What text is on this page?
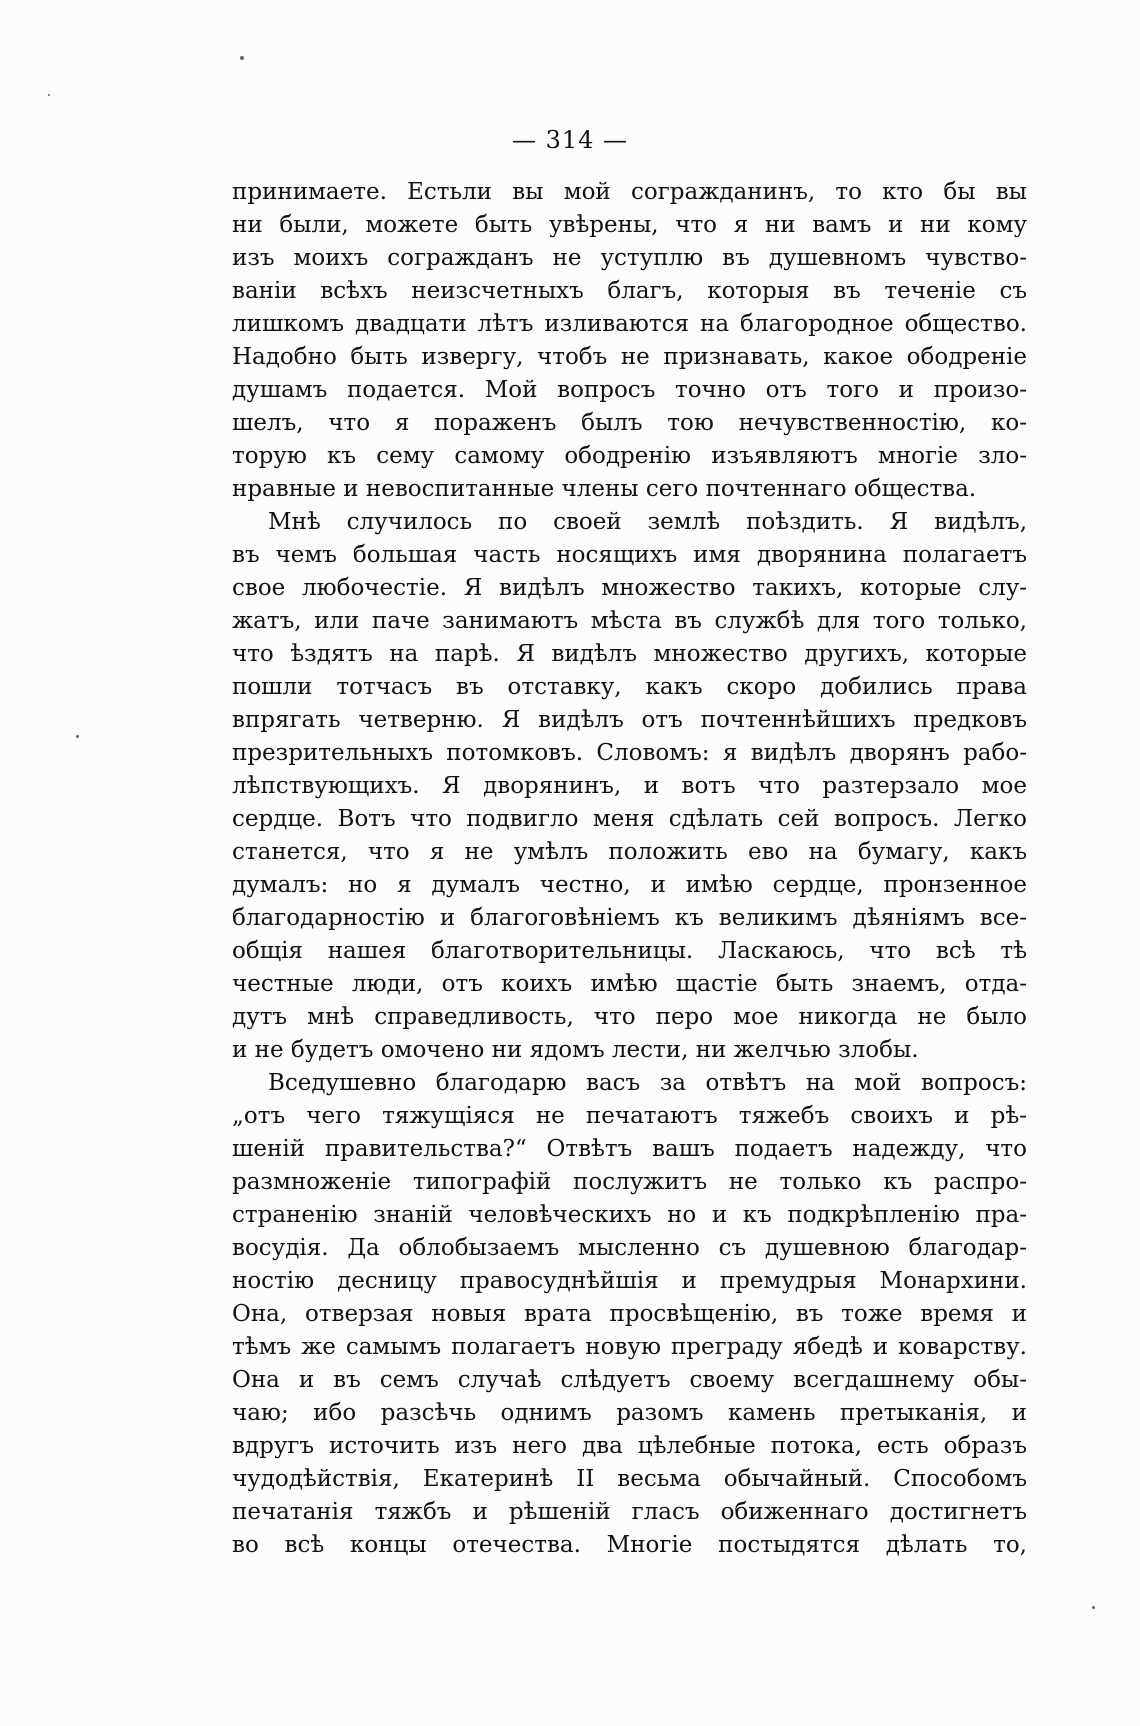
— 314 —
принимаете. Естьли вы мой согражданинъ, то кто бы вы
ни были, можете быть увѣрены, что я ни вамъ и ни кому
изъ моихъ согражданъ не уступлю въ душевномъ чувство-
ваніи всѣхъ неизсчетныхъ благъ, которыя въ теченіе съ
лишкомъ двадцати лѣтъ изливаются на благородное общество.
Надобно быть извергу, чтобъ не признавать, какое ободреніе
душамъ подается. Мой вопросъ точно отъ того и произо-
шелъ, что я пораженъ былъ тою нечувственностію, ко-
торую къ сему самому ободренію изъявляютъ многіе зло-
нравные и невоспитанные члены сего почтеннаго общества.
Мнѣ случилось по своей землѣ поѣздить. Я видѣлъ,
въ чемъ большая часть носящихъ имя дворянина полагаетъ
свое любочестіе. Я видѣлъ множество такихъ, которые слу-
жатъ, или паче занимаютъ мѣста въ службѣ для того только,
что ѣздятъ на парѣ. Я видѣлъ множество другихъ, которые
пошли тотчасъ въ отставку, какъ скоро добились права
впрягать четверню. Я видѣлъ отъ почтеннѣйшихъ предковъ
презрительныхъ потомковъ. Словомъ: я видѣлъ дворянъ рабо-
лѣпствующихъ. Я дворянинъ, и вотъ что разтерзало мое
сердце. Вотъ что подвигло меня сдѣлать сей вопросъ. Легко
станется, что я не умѣлъ положить ево на бумагу, какъ
думалъ: но я думалъ честно, и имѣю сердце, пронзенное
благодарностію и благоговѣніемъ къ великимъ дѣяніямъ все-
общія нашея благотворительницы. Ласкаюсь, что всѣ тѣ
честные люди, отъ коихъ имѣю щастіе быть знаемъ, отда-
дутъ мнѣ справедливость, что перо мое никогда не было
и не будетъ омочено ни ядомъ лести, ни желчью злобы.
Вседушевно благодарю васъ за отвѣтъ на мой вопросъ:
„отъ чего тяжущіяся не печатаютъ тяжебъ своихъ и рѣ-
шеній правительства?“ Отвѣтъ вашъ подаетъ надежду, что
размноженіе типографій послужитъ не только къ распро-
страненію знаній человѣческихъ но и къ подкрѣпленію пра-
восудія. Да облобызаемъ мысленно съ душевною благодар-
ностію десницу правосуднѣйшія и премудрыя Монархини.
Она, отверзая новыя врата просвѣщенію, въ тоже время и
тѣмъ же самымъ полагаетъ новую преграду ябедѣ и коварству.
Она и въ семъ случаѣ слѣдуетъ своему всегдашнему обы-
чаю; ибо разсѣчь однимъ разомъ камень претыканія, и
вдругъ источить изъ него два цѣлебные потока, есть образъ
чудодѣйствія, Екатеринѣ II весьма обычайный. Способомъ
печатанія тяжбъ и рѣшеній гласъ обиженнаго достигнетъ
во всѣ концы отечества. Многіе постыдятся дѣлать то,
